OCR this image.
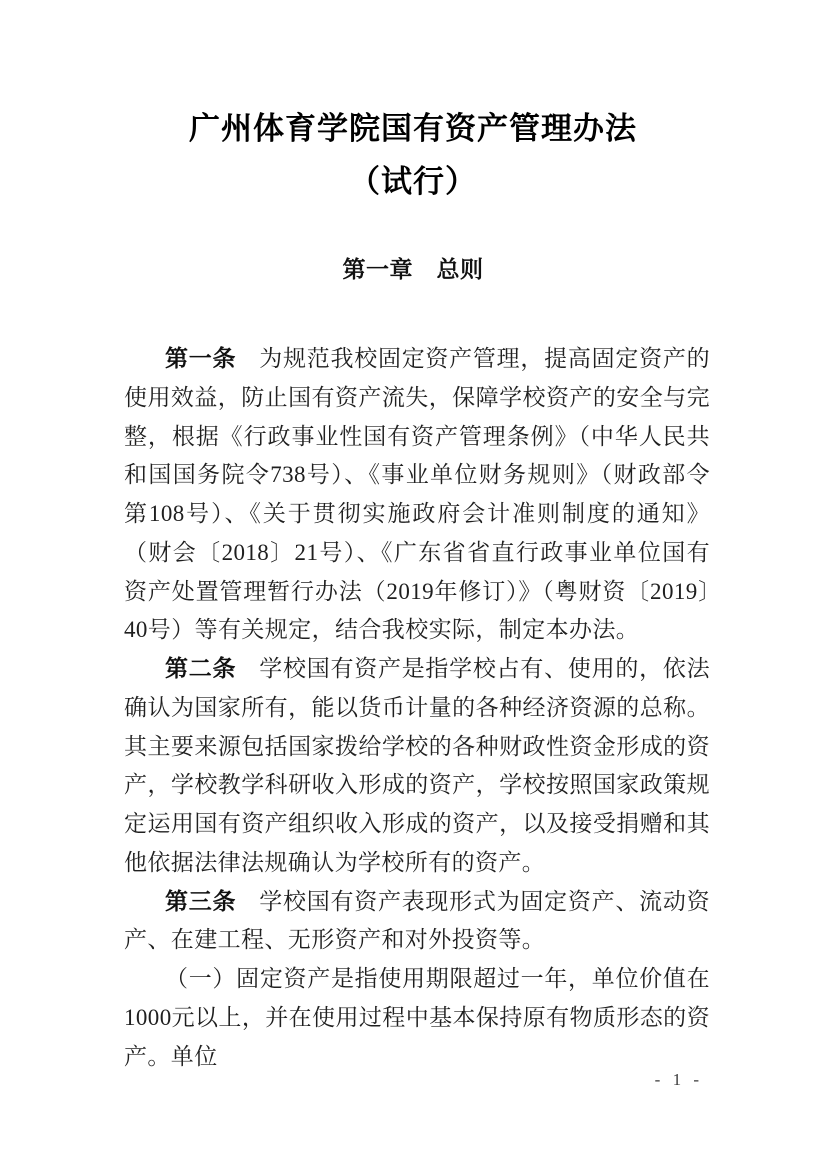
广州体育学院国有资产管理办法
（试行）
第一章　总则

第一条 为规范我校固定资产管理，提高固定资产的使用效益，防止国有资产流失，保障学校资产的安全与完整，根据《行政事业性国有资产管理条例》（中华人民共和国国务院令738号）、《事业单位财务规则》（财政部令第108号）、《关于贯彻实施政府会计准则制度的通知》（财会〔2018〕21号）、《广东省省直行政事业单位国有资产处置管理暂行办法（2019年修订）》（粤财资〔2019〕40号）等有关规定，结合我校实际，制定本办法。

第二条 学校国有资产是指学校占有、使用的，依法确认为国家所有，能以货币计量的各种经济资源的总称。其主要来源包括国家拨给学校的各种财政性资金形成的资产，学校教学科研收入形成的资产，学校按照国家政策规定运用国有资产组织收入形成的资产，以及接受捐赠和其他依据法律法规确认为学校所有的资产。

第三条 学校国有资产表现形式为固定资产、流动资产、在建工程、无形资产和对外投资等。

（一）固定资产是指使用期限超过一年，单位价值在1000元以上，并在使用过程中基本保持原有物质形态的资产。单位

- 1 -
